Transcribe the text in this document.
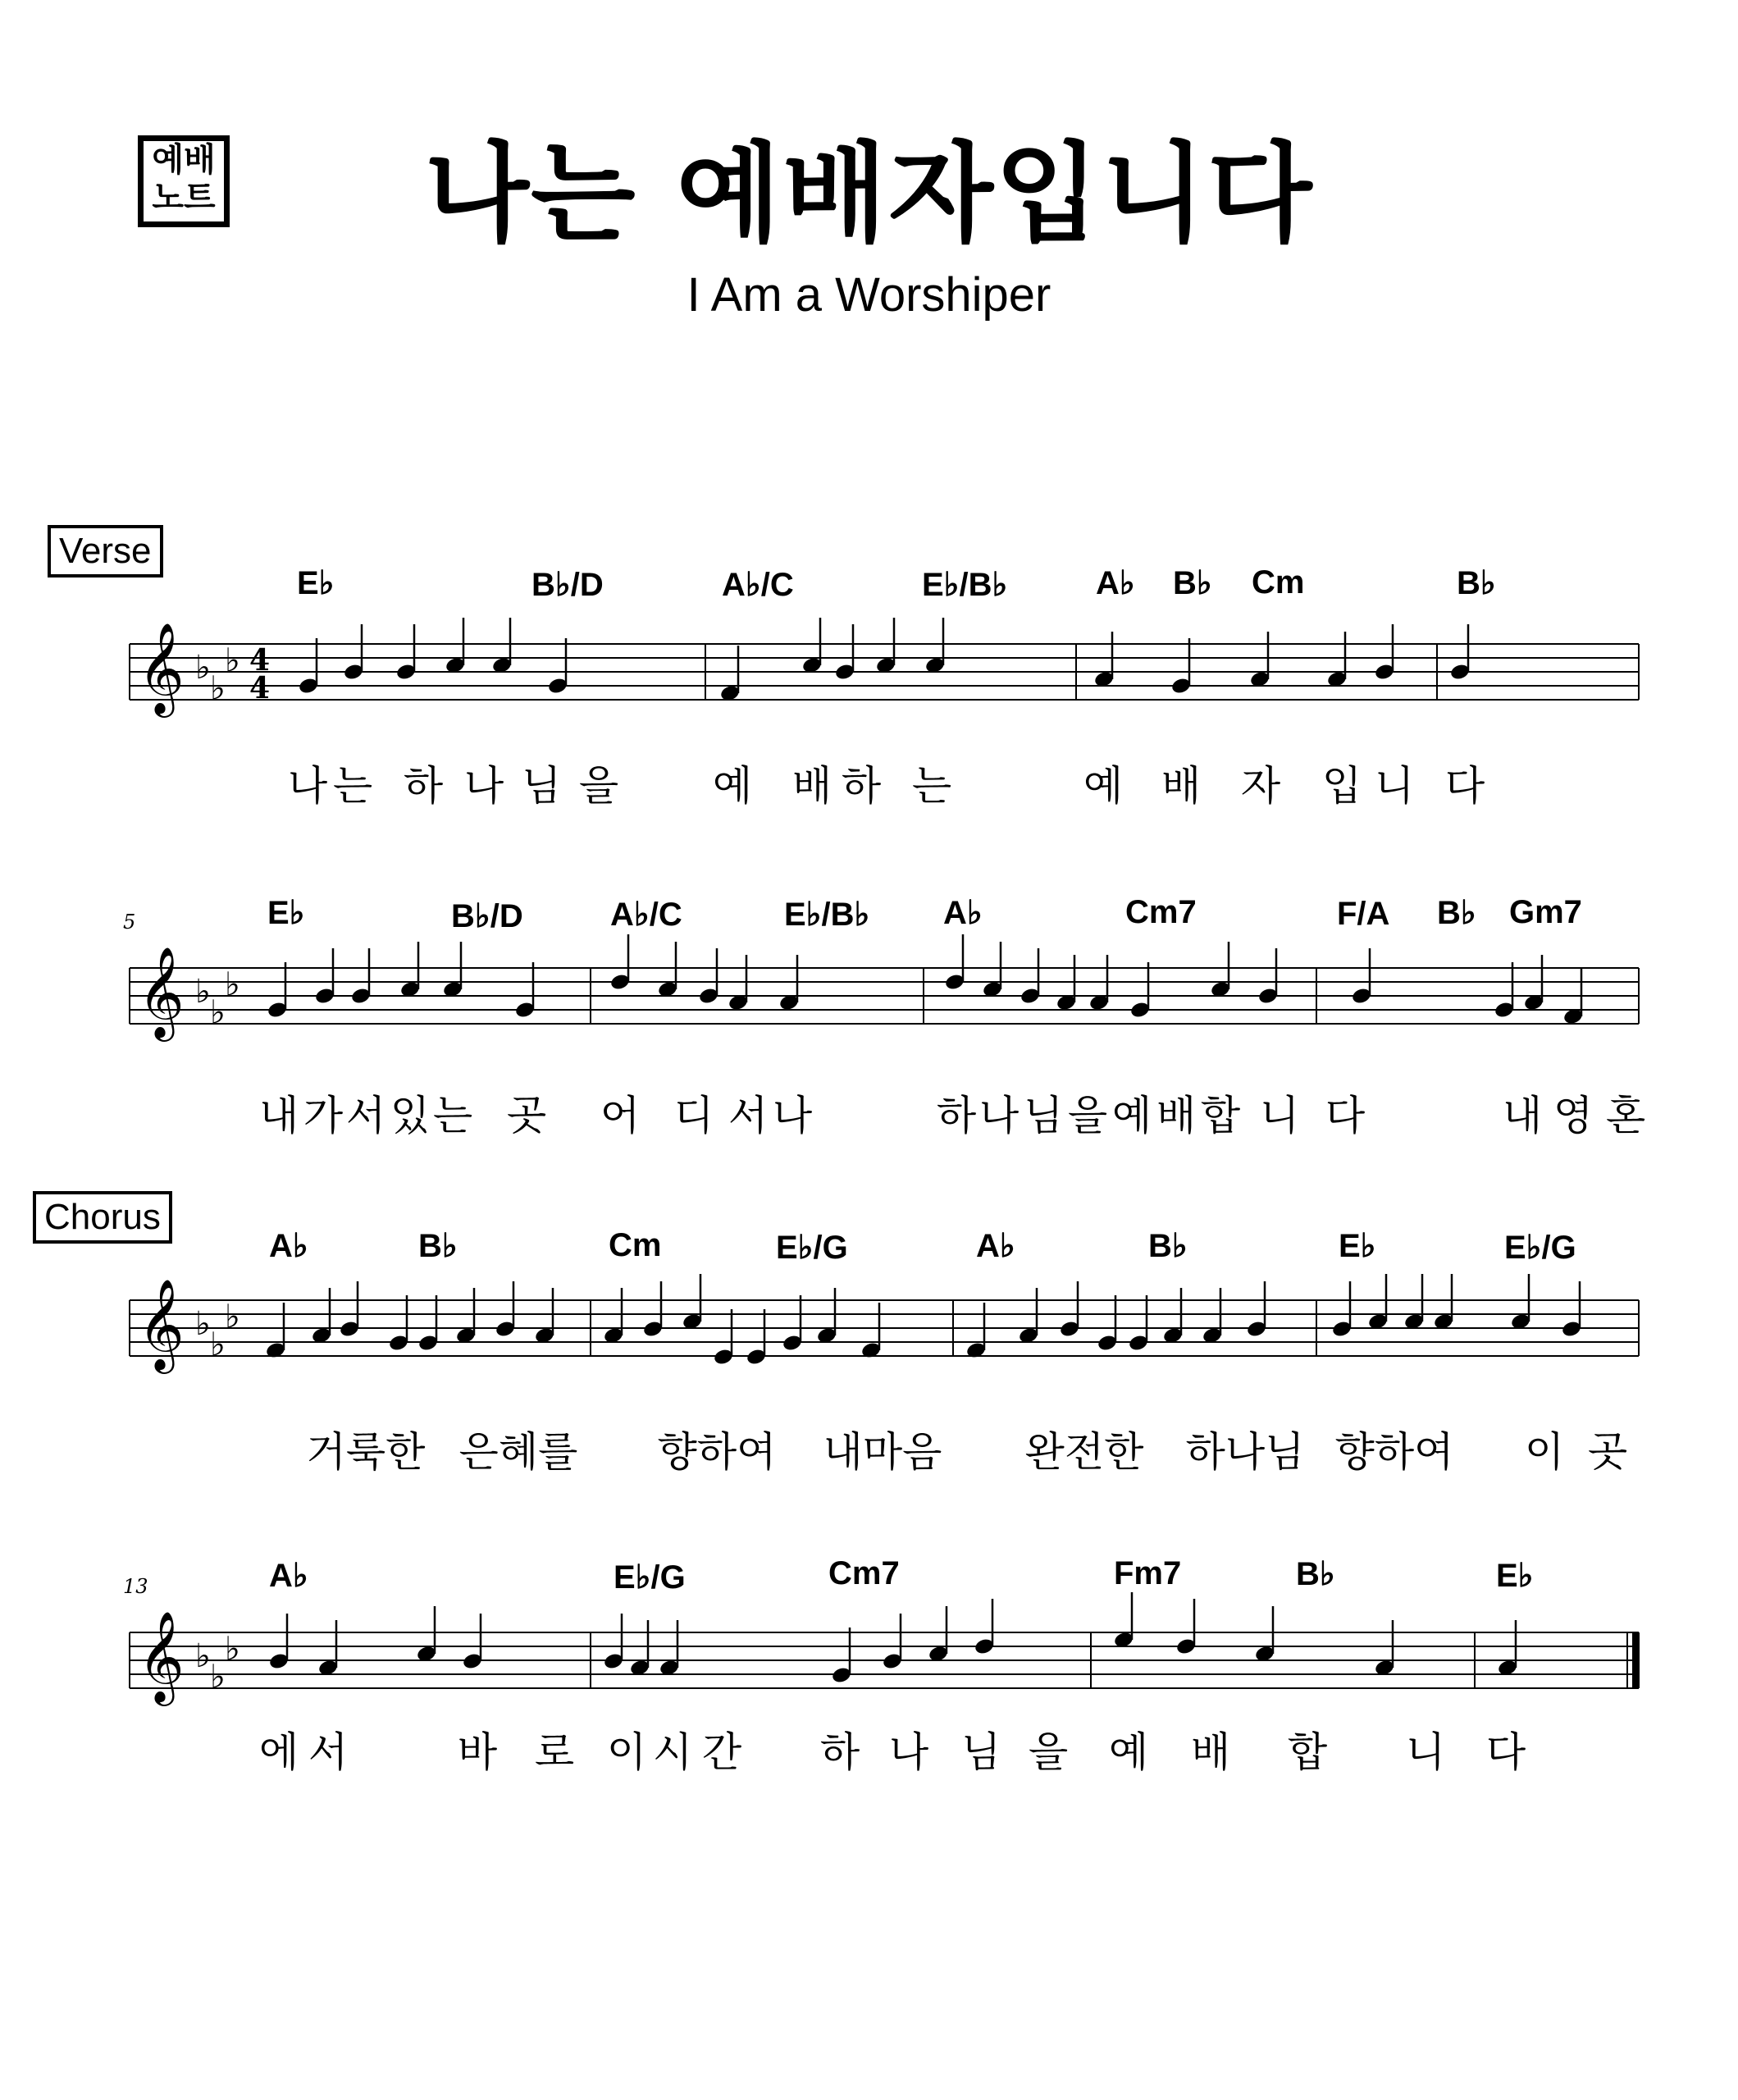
예배
노트	나는 예배자입니다
I Am a Worshiper
Verse
Chorus
5
13
E♭	B♭/D	A♭/C	E♭/B♭	A♭ B♭ Cm	B♭
E♭	B♭/D	A♭/C	E♭/B♭ A♭	Cm7	F/A B♭ Gm7
A♭	B♭	Cm	E♭/G	A♭	B♭	E♭	E♭/G
A♭	E♭/G	Cm7	Fm7	B♭	E♭
나 는 하 나 님 을 예 배 하 는	예 배 자 입 니 다
내 가 서 있 는 곳 어 디 서 나	하 나 님 을 예 배 합 니 다	내 영 혼
거룩한 은혜를 향하여 내마음 완전한 하나님 향하여 이 곳
에 서	바 로 이 시 간 하 나 님 을 예 배 합 니 다
𝄞 ♭
♭
♭ 4
4
𝄞 ♭
♭
♭
𝄞 ♭
♭
♭
𝄞 ♭
♭
♭
